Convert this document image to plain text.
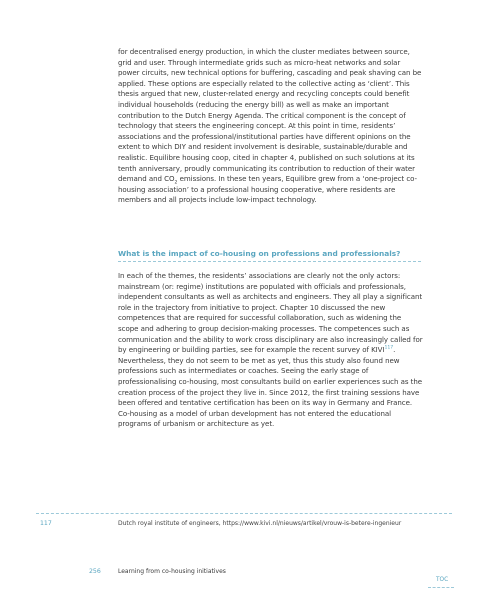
for decentralised energy production, in which the cluster mediates between source, grid and user. Through intermediate grids such as micro-heat networks and solar power circuits, new technical options for buffering, cascading and peak shaving can be applied. These options are especially related to the collective acting as ‘client’. This thesis argued that new, cluster-related energy and recycling concepts could benefit individual households (reducing the energy bill) as well as make an important contribution to the Dutch Energy Agenda. The critical component is the concept of technology that steers the engineering concept. At this point in time, residents’ associations and the professional/institutional parties have different opinions on the extent to which DIY and resident involvement is desirable, sustainable/durable and realistic. Equilibre housing coop, cited in chapter 4, published on such solutions at its tenth anniversary, proudly communicating its contribution to reduction of their water demand and $CO_2$ emissions. In these ten years, Equilibre grew from a ‘one-project co-housing association’ to a professional housing cooperative, where residents are members and all projects include low-impact technology.

What is the impact of co-housing on professions and professionals?

In each of the themes, the residents’ associations are clearly not the only actors: mainstream (or: regime) institutions are populated with officials and professionals, independent consultants as well as architects and engineers. They all play a significant role in the trajectory from initiative to project. Chapter 10 discussed the new competences that are required for successful collaboration, such as widening the scope and adhering to group decision-making processes. The competences such as communication and the ability to work cross disciplinary are also increasingly called for by engineering or building parties, see for example the recent survey of KIVI$^{117}$. Nevertheless, they do not seem to be met as yet, thus this study also found new professions such as intermediates or coaches. Seeing the early stage of professionalising co-housing, most consultants build on earlier experiences such as the creation process of the project they live in. Since 2012, the first training sessions have been offered and tentative certification has been on its way in Germany and France. Co-housing as a model of urban development has not entered the educational programs of urbanism or architecture as yet.

117	Dutch royal institute of engineers, https://www.kivi.nl/nieuws/artikel/vrouw-is-betere-ingenieur
256	Learning from co-housing initiatives
TOC
